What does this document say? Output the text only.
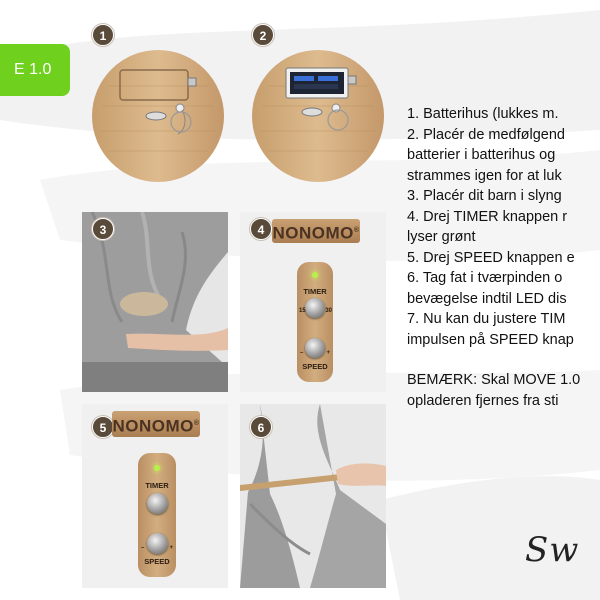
E 1.0
1	2
3	4 NONOMO®
TIMER
15	30
–	+
SPEED
5 NONOMO®
TIMER
–	+
SPEED
6

1. Batterihus (lukkes m.

2. Placér de medfølgend

batterier i batterihus og

strammes igen for at luk

3. Placér dit barn i slyng

4. Drej TIMER knappen r

lyser grønt

5. Drej SPEED knappen e

6. Tag fat i tværpinden o

bevægelse indtil LED dis

7. Nu kan du justere TIM

impulsen på SPEED knap

BEMÆRK: Skal MOVE 1.0

opladeren fjernes fra sti

Sw
